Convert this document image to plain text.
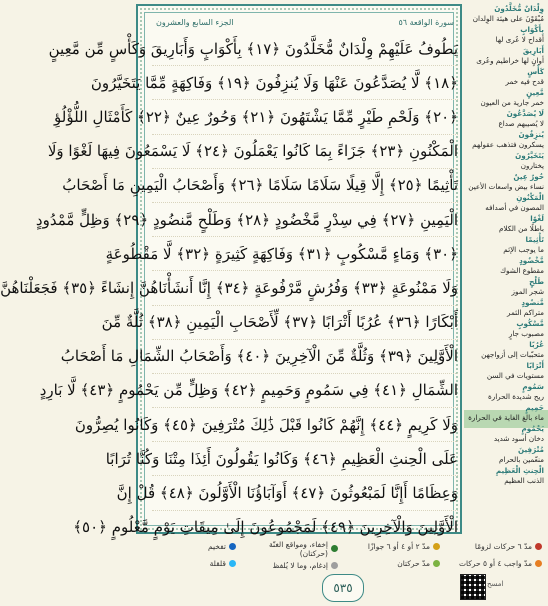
سورة الواقعة ٥٦
الجزء السابع والعشرون
يَطُوفُ عَلَيْهِمْ وِلْدَانٌ مُّخَلَّدُونَ ﴿١٧﴾ بِأَكْوَابٍ وَأَبَارِيقَ وَكَأْسٍ مِّن مَّعِينٍ
﴿١٨﴾ لَّا يُصَدَّعُونَ عَنْهَا وَلَا يُنزِفُونَ ﴿١٩﴾ وَفَاكِهَةٍ مِّمَّا يَتَخَيَّرُونَ
﴿٢٠﴾ وَلَحْمِ طَيْرٍ مِّمَّا يَشْتَهُونَ ﴿٢١﴾ وَحُورٌ عِينٌ ﴿٢٢﴾ كَأَمْثَالِ اللُّؤْلُؤِ
الْمَكْنُونِ ﴿٢٣﴾ جَزَاءً بِمَا كَانُوا يَعْمَلُونَ ﴿٢٤﴾ لَا يَسْمَعُونَ فِيهَا لَغْوًا وَلَا
تَأْثِيمًا ﴿٢٥﴾ إِلَّا قِيلًا سَلَامًا سَلَامًا ﴿٢٦﴾ وَأَصْحَابُ الْيَمِينِ مَا أَصْحَابُ
الْيَمِينِ ﴿٢٧﴾ فِي سِدْرٍ مَّخْضُودٍ ﴿٢٨﴾ وَطَلْحٍ مَّنضُودٍ ﴿٢٩﴾ وَظِلٍّ مَّمْدُودٍ
﴿٣٠﴾ وَمَاءٍ مَّسْكُوبٍ ﴿٣١﴾ وَفَاكِهَةٍ كَثِيرَةٍ ﴿٣٢﴾ لَّا مَقْطُوعَةٍ
وَلَا مَمْنُوعَةٍ ﴿٣٣﴾ وَفُرُشٍ مَّرْفُوعَةٍ ﴿٣٤﴾ إِنَّا أَنشَأْنَاهُنَّ إِنشَاءً ﴿٣٥﴾ فَجَعَلْنَاهُنَّ
أَبْكَارًا ﴿٣٦﴾ عُرُبًا أَتْرَابًا ﴿٣٧﴾ لِّأَصْحَابِ الْيَمِينِ ﴿٣٨﴾ ثُلَّةٌ مِّنَ
الْأَوَّلِينَ ﴿٣٩﴾ وَثُلَّةٌ مِّنَ الْآخِرِينَ ﴿٤٠﴾ وَأَصْحَابُ الشِّمَالِ مَا أَصْحَابُ
الشِّمَالِ ﴿٤١﴾ فِي سَمُومٍ وَحَمِيمٍ ﴿٤٢﴾ وَظِلٍّ مِّن يَحْمُومٍ ﴿٤٣﴾ لَّا بَارِدٍ
وَلَا كَرِيمٍ ﴿٤٤﴾ إِنَّهُمْ كَانُوا قَبْلَ ذَٰلِكَ مُتْرَفِينَ ﴿٤٥﴾ وَكَانُوا يُصِرُّونَ
عَلَى الْحِنثِ الْعَظِيمِ ﴿٤٦﴾ وَكَانُوا يَقُولُونَ أَئِذَا مِتْنَا وَكُنَّا تُرَابًا
وَعِظَامًا أَإِنَّا لَمَبْعُوثُونَ ﴿٤٧﴾ أَوَآبَاؤُنَا الْأَوَّلُونَ ﴿٤٨﴾ قُلْ إِنَّ
الْأَوَّلِينَ وَالْآخِرِينَ ﴿٤٩﴾ لَمَجْمُوعُونَ إِلَىٰ مِيقَاتِ يَوْمٍ مَّعْلُومٍ ﴿٥٠﴾
وِلْدَانٌ مُّخَلَّدُونَ
مُبْقَوْنَ على هيئة الوِلدان
بِأَكْوَابٍ
أقداح لا عُرى لها
أَبَارِيقَ
أوانٍ لها خراطيم وعُرى
كَأْسٍ
قدح فيه خمر
مَّعِينٍ
خمر جارية من العيون
لَا يُصَدَّعُونَ
لا يُصيبهم صداع
يُنزِفُونَ
يسكرون فتذهب عقولهم
يَتَخَيَّرُونَ
يختارون
حُورٌ عِينٌ
نساء بيض واسعات الأعين
الْمَكْنُونِ
المصون في أصدافه
لَغْوًا
باطلًا من الكلام
تَأْثِيمًا
ما يوجب الإثم
مَّخْضُودٍ
مقطوع الشوك
طَلْحٍ
شجر الموز
مَّنضُودٍ
متراكم الثمر
مَّسْكُوبٍ
مصبوب جارٍ
عُرُبًا
متحبّبات إلى أزواجهن
أَتْرَابًا
مستويات في السن
سَمُومٍ
ريح شديدة الحرارة
حَمِيمٍ
ماء بالغ الغاية في الحرارة
يَحْمُومٍ
دخان أسود شديد
مُتْرَفِينَ
منعّمين بالحرام
الْحِنثِ الْعَظِيمِ
الذنب العظيم
مدّ ٦ حركات لزومًا
مدّ واجب ٤ أو ٥ حركات
مدّ ٢ أو ٤ أو ٦ جوازًا
مدّ حركتان
إخفاء، ومواقع الغنّة (حركتان)
إدغام، وما لا يُلفظ
تفخيم
قلقلة
٥٣٥	امسح
